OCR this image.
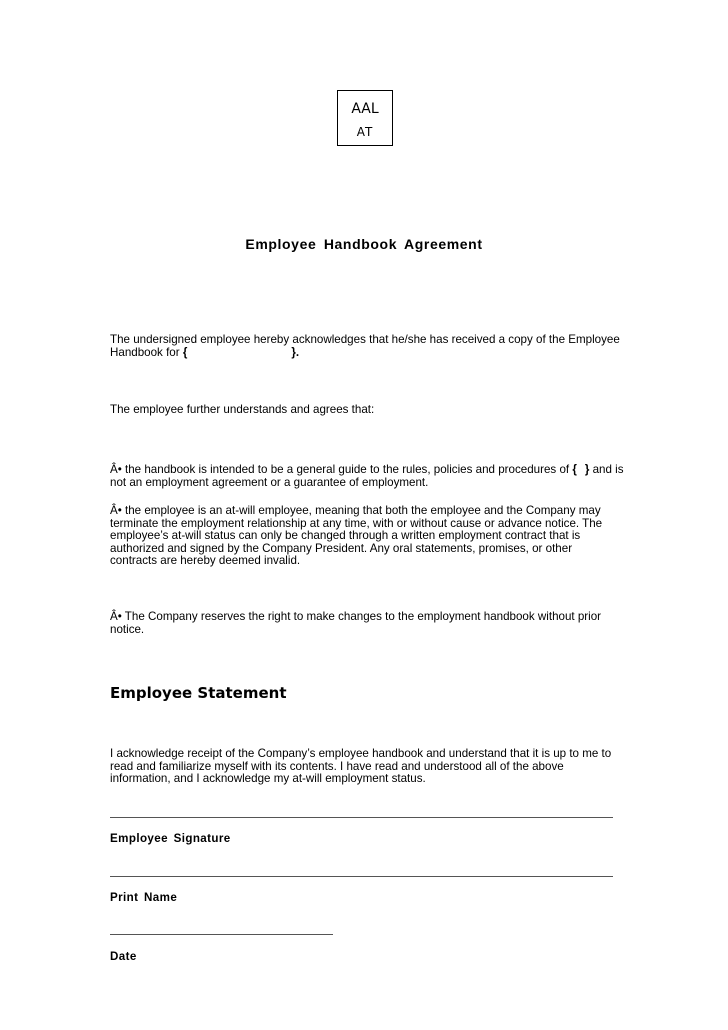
AAL
AT
Employee Handbook Agreement

The undersigned employee hereby acknowledges that he/she has received a copy of the Employee Handbook for {	}.

The employee further understands and agrees that:

Â• the handbook is intended to be a general guide to the rules, policies and procedures of { } and is not an employment agreement or a guarantee of employment.

Â• the employee is an at-will employee, meaning that both the employee and the Company may terminate the employment relationship at any time, with or without cause or advance notice. The employee’s at-will status can only be changed through a written employment contract that is authorized and signed by the Company President. Any oral statements, promises, or other contracts are hereby deemed invalid.

Â• The Company reserves the right to make changes to the employment handbook without prior notice.

Employee Statement

I acknowledge receipt of the Company’s employee handbook and understand that it is up to me to read and familiarize myself with its contents. I have read and understood all of the above information, and I acknowledge my at-will employment status.

Employee Signature

Print Name

Date
